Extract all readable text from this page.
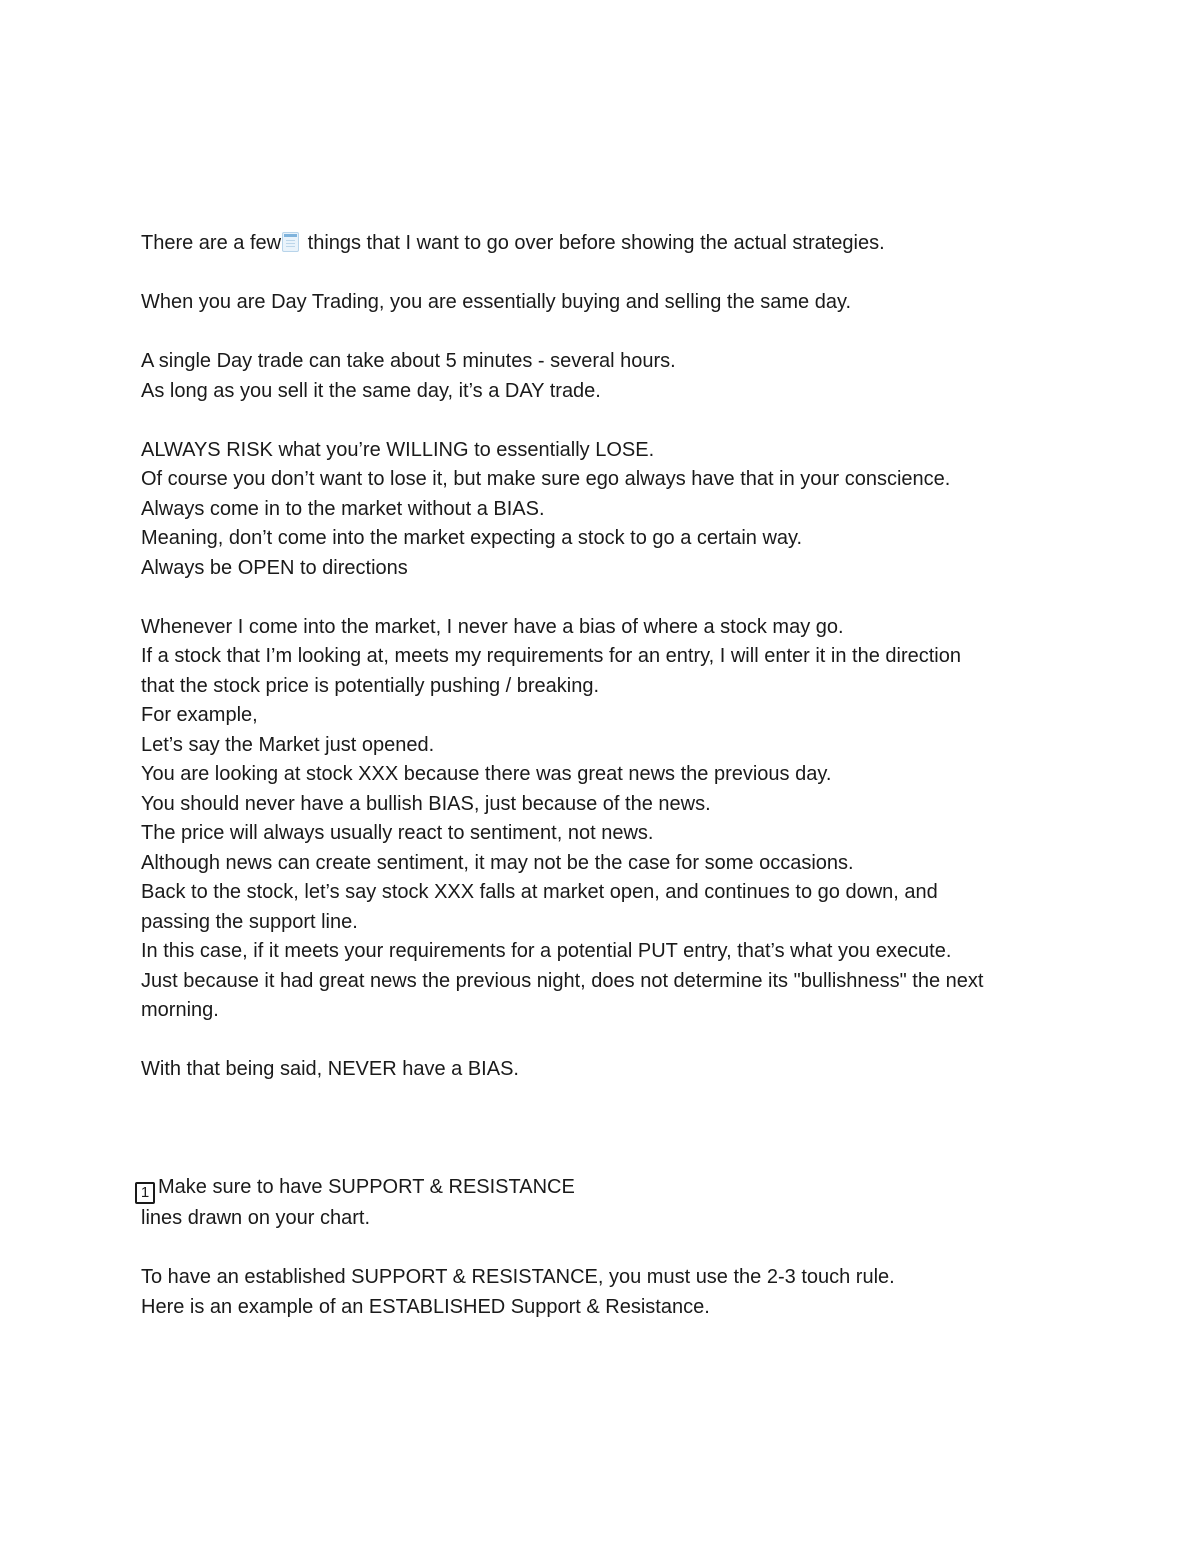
There are a few things that I want to go over before showing the actual strategies.
When you are Day Trading, you are essentially buying and selling the same day.
A single Day trade can take about 5 minutes - several hours.
As long as you sell it the same day, it’s a DAY trade.
ALWAYS RISK what you’re WILLING to essentially LOSE.
Of course you don’t want to lose it, but make sure ego always have that in your conscience.
Always come in to the market without a BIAS.
Meaning, don’t come into the market expecting a stock to go a certain way.
Always be OPEN to directions
Whenever I come into the market, I never have a bias of where a stock may go.
If a stock that I’m looking at, meets my requirements for an entry, I will enter it in the direction
that the stock price is potentially pushing / breaking.
For example,
Let’s say the Market just opened.
You are looking at stock XXX because there was great news the previous day.
You should never have a bullish BIAS, just because of the news.
The price will always usually react to sentiment, not news.
Although news can create sentiment, it may not be the case for some occasions.
Back to the stock, let’s say stock XXX falls at market open, and continues to go down, and
passing the support line.
In this case, if it meets your requirements for a potential PUT entry, that’s what you execute.
Just because it had great news the previous night, does not determine its "bullishness" the next
morning.
With that being said, NEVER have a BIAS.
1 Make sure to have SUPPORT & RESISTANCE
lines drawn on your chart.
To have an established SUPPORT & RESISTANCE, you must use the 2-3 touch rule.
Here is an example of an ESTABLISHED Support & Resistance.
